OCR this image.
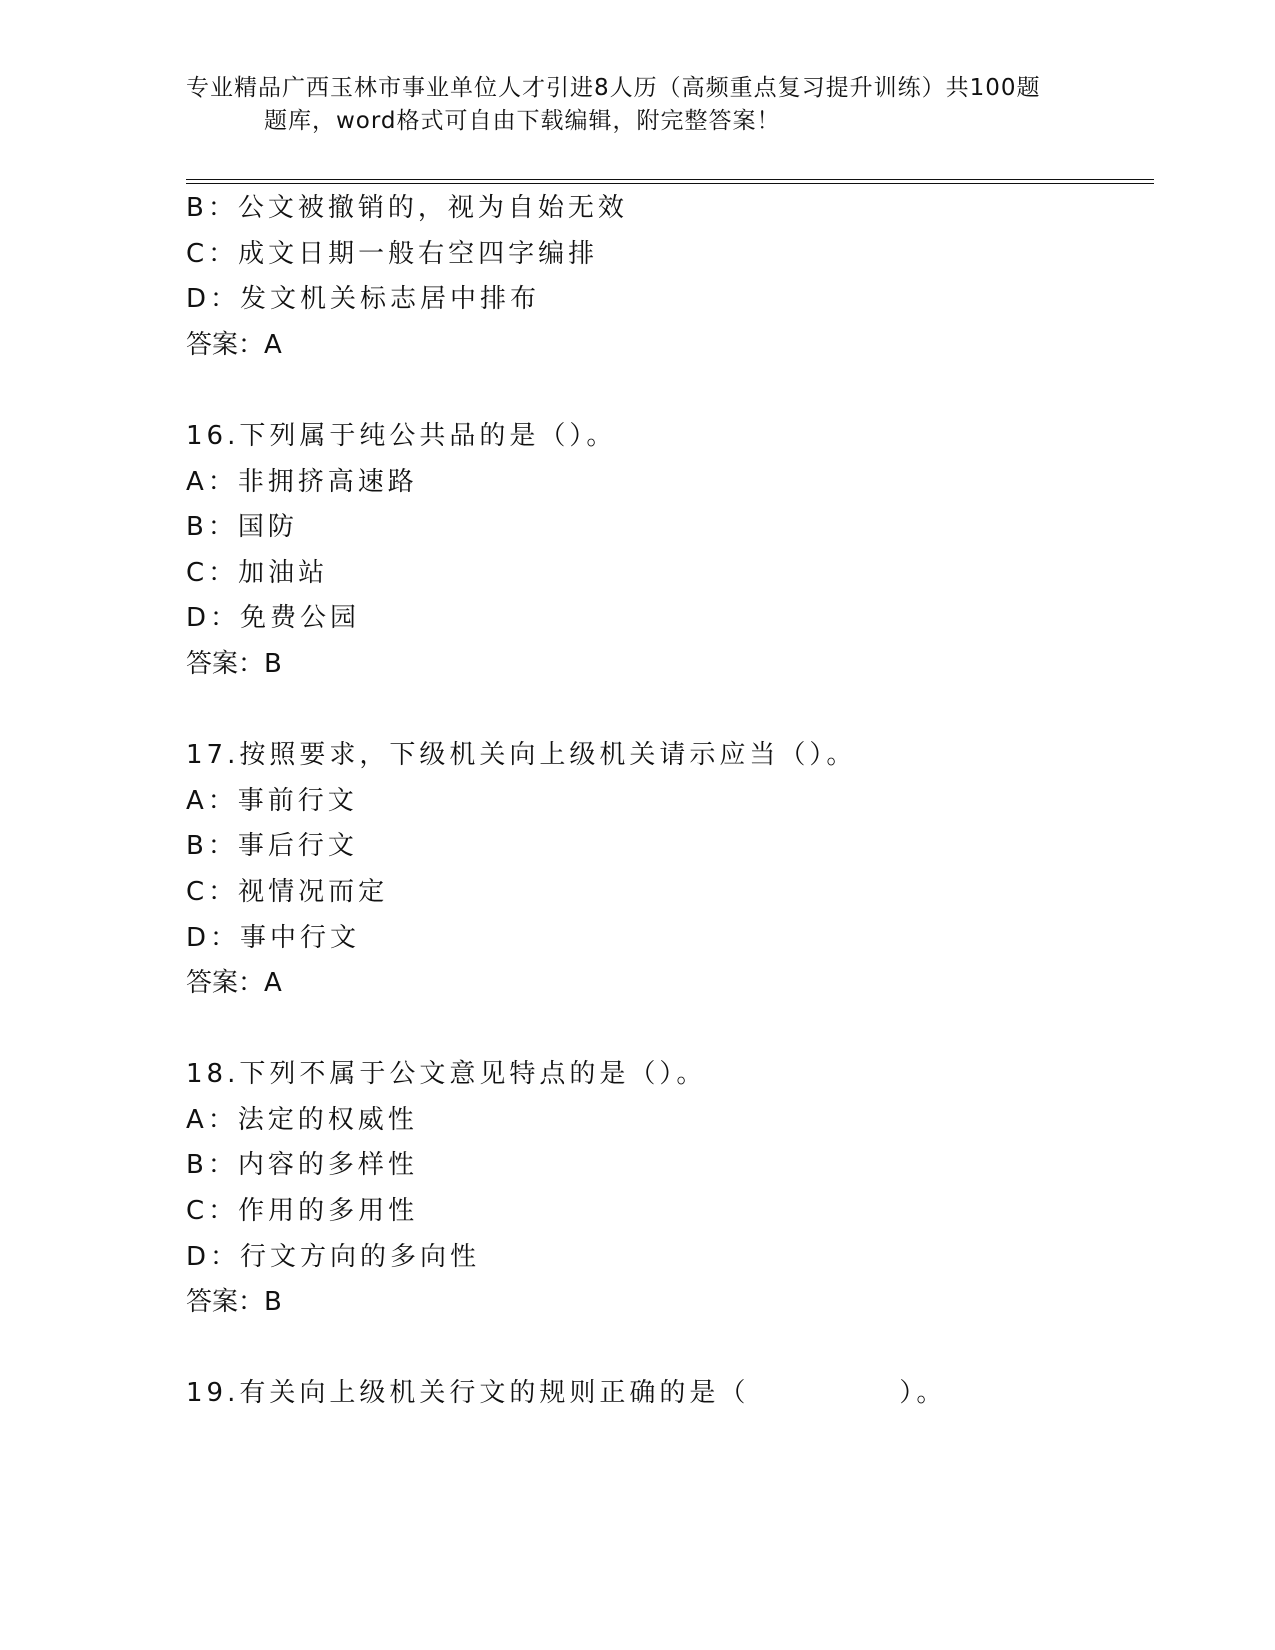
专业精品广西玉林市事业单位人才引进8人历（高频重点复习提升训练）共100题
题库，word格式可自由下载编辑，附完整答案！
B：公文被撤销的，视为自始无效
C：成文日期一般右空四字编排
D：发文机关标志居中排布
答案：A
16.下列属于纯公共品的是（）。
A：非拥挤高速路
B：国防
C：加油站
D：免费公园
答案：B
17.按照要求，下级机关向上级机关请示应当（）。
A：事前行文
B：事后行文
C：视情况而定
D：事中行文
答案：A
18.下列不属于公文意见特点的是（）。
A：法定的权威性
B：内容的多样性
C：作用的多用性
D：行文方向的多向性
答案：B
19.有关向上级机关行文的规则正确的是（　　　　　）。
